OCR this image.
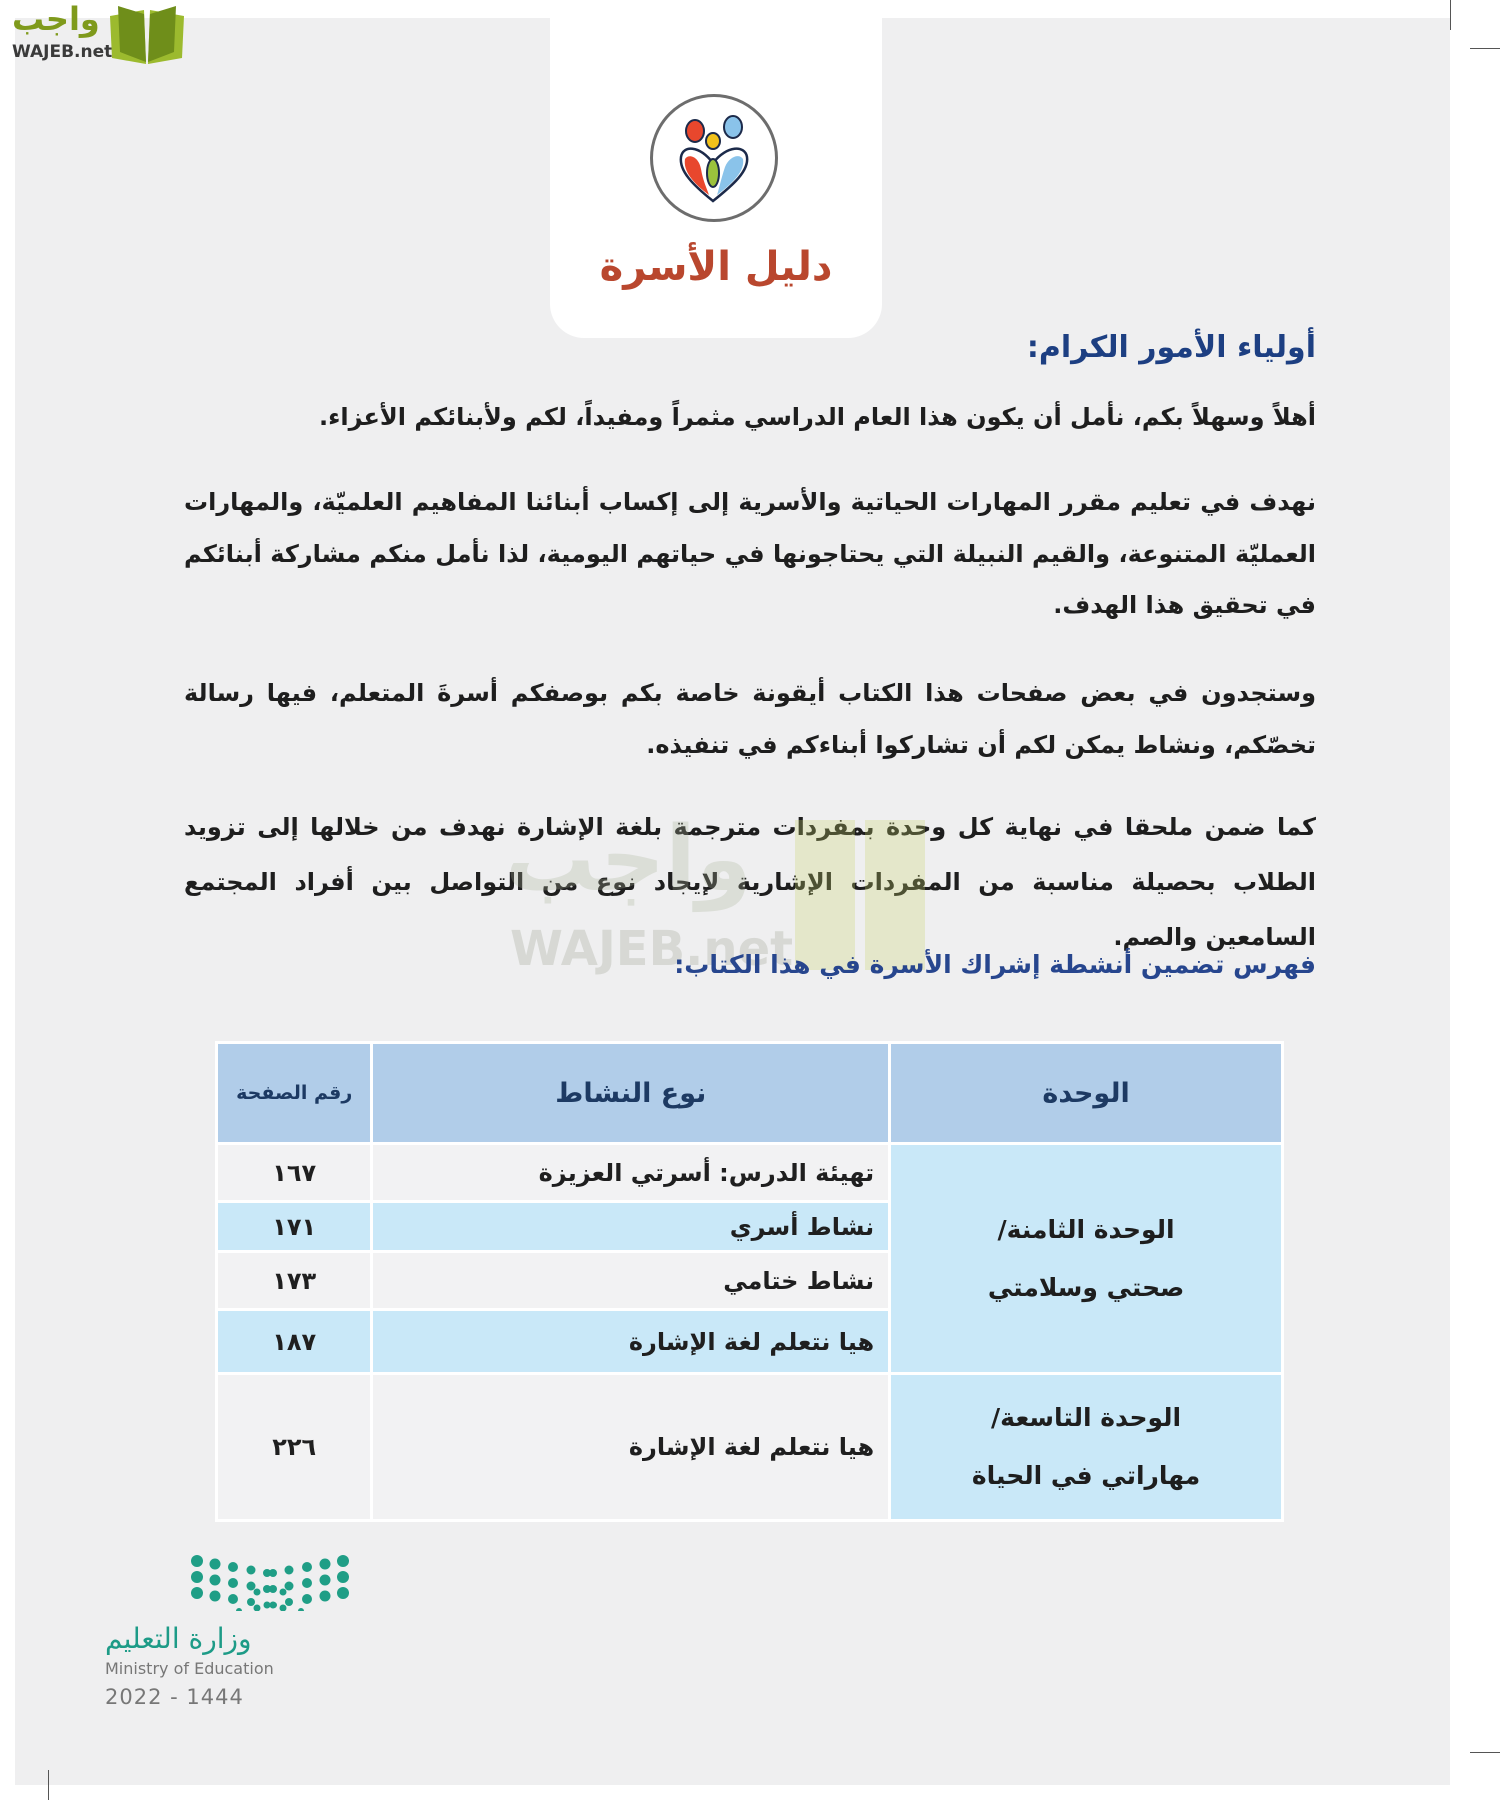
واجب
WAJEB.net
دليل الأسرة
أولياء الأمور الكرام:
أهلاً وسهلاً بكم، نأمل أن يكون هذا العام الدراسي مثمراً ومفيداً، لكم ولأبنائكم الأعزاء.
نهدف في تعليم مقرر المهارات الحياتية والأسرية إلى إكساب أبنائنا المفاهيم العلميّة، والمهارات العمليّة المتنوعة، والقيم النبيلة التي يحتاجونها في حياتهم اليومية، لذا نأمل منكم مشاركة أبنائكم في تحقيق هذا الهدف.
وستجدون في بعض صفحات هذا الكتاب أيقونة خاصة بكم بوصفكم أسرةَ المتعلم، فيها رسالة تخصّكم، ونشاط يمكن لكم أن تشاركوا أبناءكم في تنفيذه.
كما ضمن ملحقا في نهاية كل وحدة بمفردات مترجمة بلغة الإشارة نهدف من خلالها إلى تزويد الطلاب بحصيلة مناسبة من المفردات الإشارية لإيجاد نوع من التواصل بين أفراد المجتمع السامعين والصم.
واجب
WAJEB.net
فهرس تضمين أنشطة إشراك الأسرة في هذا الكتاب:
الوحدة	نوع النشاط	رقم الصفحة

الوحدة الثامنة/
صحتي وسلامتي	تهيئة الدرس: أسرتي العزيزة	١٦٧
	نشاط أسري	١٧١
	نشاط ختامي	١٧٣
	هيا نتعلم لغة الإشارة	١٨٧

الوحدة التاسعة/
مهاراتي في الحياة	هيا نتعلم لغة الإشارة	٢٢٦
وزارة التعليم
Ministry of Education
2022 - 1444
